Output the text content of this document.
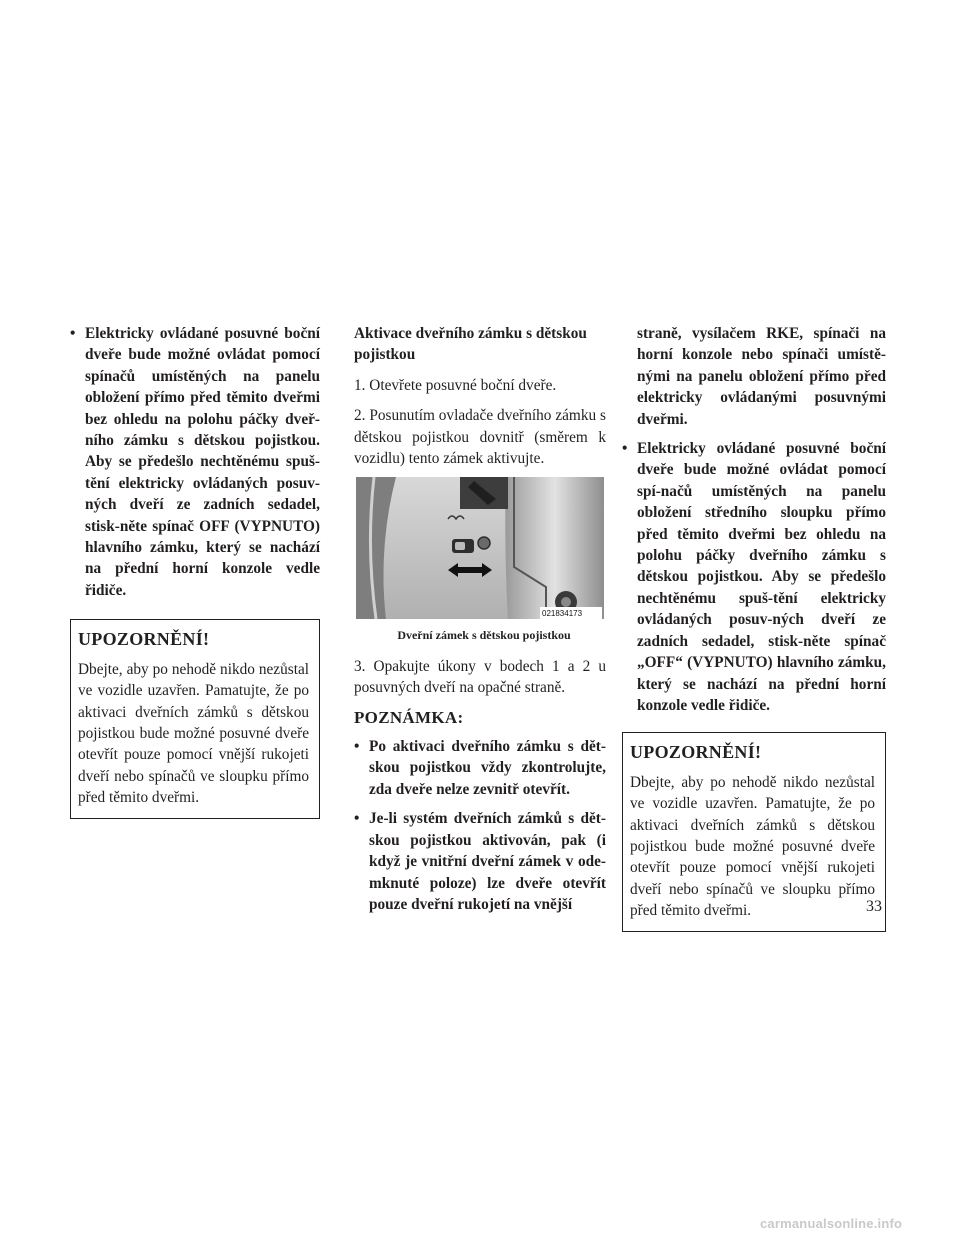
• Elektricky ovládané posuvné boční dveře bude možné ovládat pomocí spínačů umístěných na panelu obložení přímo před těmito dveřmi bez ohledu na polohu páčky dveř-ního zámku s dětskou pojistkou. Aby se předešlo nechtěnému spuš-tění elektricky ovládaných posuv-ných dveří ze zadních sedadel, stisk-něte spínač OFF (VYPNUTO) hlavního zámku, který se nachází na přední horní konzole vedle řidiče.
UPOZORNĚNÍ!

Dbejte, aby po nehodě nikdo nezůstal ve vozidle uzavřen. Pamatujte, že po aktivaci dveřních zámků s dětskou pojistkou bude možné posuvné dveře otevřít pouze pomocí vnější rukojeti dveří nebo spínačů ve sloupku přímo před těmito dveřmi.

Aktivace dveřního zámku s dětskou pojistkou

1. Otevřete posuvné boční dveře.

2. Posunutím ovladače dveřního zámku s dětskou pojistkou dovnitř (směrem k vozidlu) tento zámek aktivujte.

021834173
Dveřní zámek s dětskou pojistkou

3. Opakujte úkony v bodech 1 a 2 u posuvných dveří na opačné straně.

POZNÁMKA:

• Po aktivaci dveřního zámku s dět-skou pojistkou vždy zkontrolujte, zda dveře nelze zevnitř otevřít.
• Je-li systém dveřních zámků s dět-skou pojistkou aktivován, pak (i když je vnitřní dveřní zámek v ode-mknuté poloze) lze dveře otevřít pouze dveřní rukojetí na vnější
straně, vysílačem RKE, spínači na horní konzole nebo spínači umístě-nými na panelu obložení přímo před elektricky ovládanými posuvnými dveřmi.
• Elektricky ovládané posuvné boční dveře bude možné ovládat pomocí spí-načů umístěných na panelu obložení středního sloupku přímo před těmito dveřmi bez ohledu na polohu páčky dveřního zámku s dětskou pojistkou. Aby se předešlo nechtěnému spuš-tění elektricky ovládaných posuv-ných dveří ze zadních sedadel, stisk-něte spínač „OFF“ (VYPNUTO) hlavního zámku, který se nachází na přední horní konzole vedle řidiče.
UPOZORNĚNÍ!

Dbejte, aby po nehodě nikdo nezůstal ve vozidle uzavřen. Pamatujte, že po aktivaci dveřních zámků s dětskou pojistkou bude možné posuvné dveře otevřít pouze pomocí vnější rukojeti dveří nebo spínačů ve sloupku přímo před těmito dveřmi.	33
carmanualsonline.info
